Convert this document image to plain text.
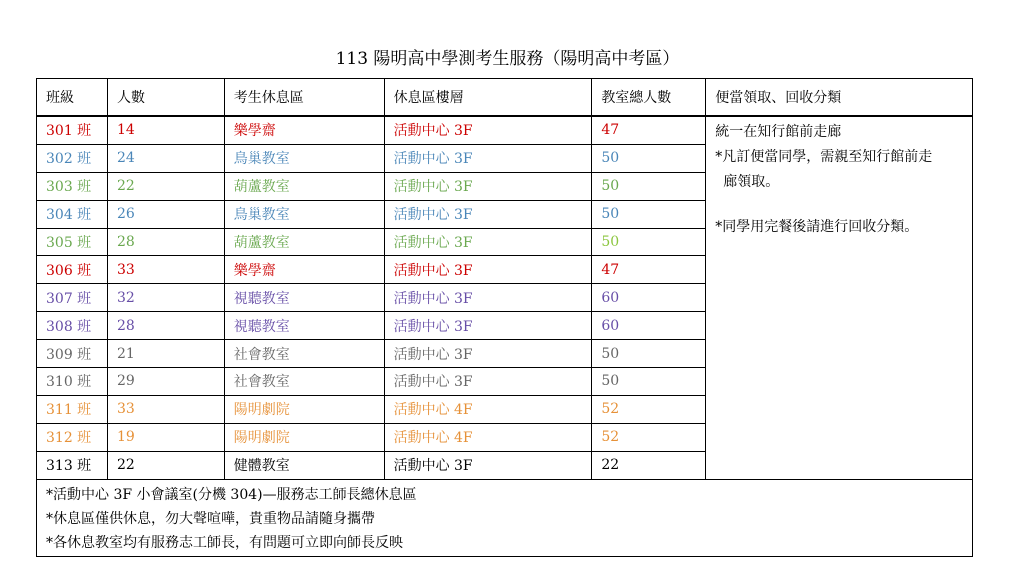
113 陽明高中學測考生服務（陽明高中考區）
班級	人數	考生休息區	休息區樓層	教室總人數	便當領取、回收分類
301 班	14	樂學齋	活動中心 3F	47	統一在知行館前走廊
*凡訂便當同學，需親至知行館前走
廊領取。
*同學用完餐後請進行回收分類。

302 班	24	鳥巢教室	活動中心 3F	50	
303 班	22	葫蘆教室	活動中心 3F	50	
304 班	26	鳥巢教室	活動中心 3F	50	
305 班	28	葫蘆教室	活動中心 3F	50	
306 班	33	樂學齋	活動中心 3F	47	
307 班	32	視聽教室	活動中心 3F	60	
308 班	28	視聽教室	活動中心 3F	60	
309 班	21	社會教室	活動中心 3F	50	
310 班	29	社會教室	活動中心 3F	50	
311 班	33	陽明劇院	活動中心 4F	52	
312 班	19	陽明劇院	活動中心 4F	52	
313 班	22	健體教室	活動中心 3F	22	

*活動中心 3F 小會議室(分機 304)—服務志工師長總休息區
*休息區僅供休息，勿大聲喧嘩，貴重物品請隨身攜帶
*各休息教室均有服務志工師長，有問題可立即向師長反映					
